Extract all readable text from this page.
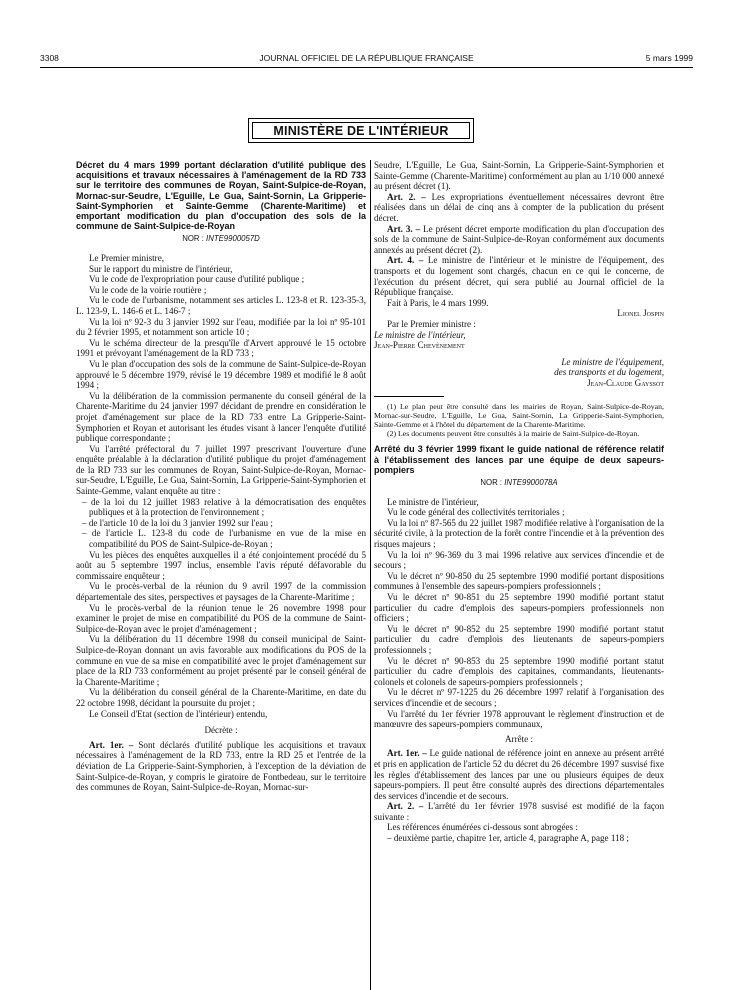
3308	JOURNAL OFFICIEL DE LA RÉPUBLIQUE FRANÇAISE	5 mars 1999
MINISTÈRE DE L'INTÉRIEUR

Décret du 4 mars 1999 portant déclaration d'utilité publique des acquisitions et travaux nécessaires à l'aménagement de la RD 733 sur le territoire des communes de Royan, Saint-Sulpice-de-Royan, Mornac-sur-Seudre, L'Eguille, Le Gua, Saint-Sornin, La Gripperie-Saint-Symphorien et Sainte-Gemme (Charente-Maritime) et emportant modification du plan d'occupation des sols de la commune de Saint-Sulpice-de-Royan

NOR : INTE9900057D

Le Premier ministre,

Sur le rapport du ministre de l'intérieur,

Vu le code de l'expropriation pour cause d'utilité publique ;

Vu le code de la voirie routière ;

Vu le code de l'urbanisme, notamment ses articles L. 123-8 et R. 123-35-3, L. 123-9, L. 146-6 et L. 146-7 ;

Vu la loi nº 92-3 du 3 janvier 1992 sur l'eau, modifiée par la loi nº 95-101 du 2 février 1995, et notamment son article 10 ;

Vu le schéma directeur de la presqu'île d'Arvert approuvé le 15 octobre 1991 et prévoyant l'aménagement de la RD 733 ;

Vu le plan d'occupation des sols de la commune de Saint-Sulpice-de-Royan approuvé le 5 décembre 1979, révisé le 19 décembre 1989 et modifié le 8 août 1994 ;

Vu la délibération de la commission permanente du conseil général de la Charente-Maritime du 24 janvier 1997 décidant de prendre en considération le projet d'aménagement sur place de la RD 733 entre La Gripperie-Saint-Symphorien et Royan et autorisant les études visant à lancer l'enquête d'utilité publique correspondante ;

Vu l'arrêté préfectoral du 7 juillet 1997 prescrivant l'ouverture d'une enquête préalable à la déclaration d'utilité publique du projet d'aménagement de la RD 733 sur les communes de Royan, Saint-Sulpice-de-Royan, Mornac-sur-Seudre, L'Eguille, Le Gua, Saint-Sornin, La Gripperie-Saint-Symphorien et Sainte-Gemme, valant enquête au titre :

– de la loi du 12 juillet 1983 relative à la démocratisation des enquêtes publiques et à la protection de l'environnement ;

– de l'article 10 de la loi du 3 janvier 1992 sur l'eau ;

– de l'article L. 123-8 du code de l'urbanisme en vue de la mise en compatibilité du POS de Saint-Sulpice-de-Royan ;

Vu les pièces des enquêtes auxquelles il a été conjointement procédé du 5 août au 5 septembre 1997 inclus, ensemble l'avis réputé défavorable du commissaire enquêteur ;

Vu le procès-verbal de la réunion du 9 avril 1997 de la commission départementale des sites, perspectives et paysages de la Charente-Maritime ;

Vu le procès-verbal de la réunion tenue le 26 novembre 1998 pour examiner le projet de mise en compatibilité du POS de la commune de Saint-Sulpice-de-Royan avec le projet d'aménagement ;

Vu la délibération du 11 décembre 1998 du conseil municipal de Saint-Sulpice-de-Royan donnant un avis favorable aux modifications du POS de la commune en vue de sa mise en compatibilité avec le projet d'aménagement sur place de la RD 733 conformément au projet présenté par le conseil général de la Charente-Maritime ;

Vu la délibération du conseil général de la Charente-Maritime, en date du 22 octobre 1998, décidant la poursuite du projet ;

Le Conseil d'Etat (section de l'intérieur) entendu,

Décrète :

Art. 1er. – Sont déclarés d'utilité publique les acquisitions et travaux nécessaires à l'aménagement de la RD 733, entre la RD 25 et l'entrée de la déviation de La Gripperie-Saint-Symphorien, à l'exception de la déviation de Saint-Sulpice-de-Royan, y compris le giratoire de Fontbedeau, sur le territoire des communes de Royan, Saint-Sulpice-de-Royan, Mornac-sur-

Seudre, L'Eguille, Le Gua, Saint-Sornin, La Gripperie-Saint-Symphorien et Sainte-Gemme (Charente-Maritime) conformément au plan au 1/10 000 annexé au présent décret (1).

Art. 2. – Les expropriations éventuellement nécessaires devront être réalisées dans un délai de cinq ans à compter de la publication du présent décret.

Art. 3. – Le présent décret emporte modification du plan d'occupation des sols de la commune de Saint-Sulpice-de-Royan conformément aux documents annexés au présent décret (2).

Art. 4. – Le ministre de l'intérieur et le ministre de l'équipement, des transports et du logement sont chargés, chacun en ce qui le concerne, de l'exécution du présent décret, qui sera publié au Journal officiel de la République française.

Fait à Paris, le 4 mars 1999.

Lionel Jospin

Par le Premier ministre :

Le ministre de l'intérieur,

Jean-Pierre Chevènement

Le ministre de l'équipement,

des transports et du logement,

Jean-Claude Gayssot

(1) Le plan peut être consulté dans les mairies de Royan, Saint-Sulpice-de-Royan, Mornac-sur-Seudre, L'Eguille, Le Gua, Saint-Sornin, La Gripperie-Saint-Symphorien, Sainte-Gemme et à l'hôtel du département de la Charente-Maritime.

(2) Les documents peuvent être consultés à la mairie de Saint-Sulpice-de-Royan.

Arrêté du 3 février 1999 fixant le guide national de référence relatif à l'établissement des lances par une équipe de deux sapeurs-pompiers

NOR : INTE9900078A

Le ministre de l'intérieur,

Vu le code général des collectivités territoriales ;

Vu la loi nº 87-565 du 22 juillet 1987 modifiée relative à l'organisation de la sécurité civile, à la protection de la forêt contre l'incendie et à la prévention des risques majeurs ;

Vu la loi nº 96-369 du 3 mai 1996 relative aux services d'incendie et de secours ;

Vu le décret nº 90-850 du 25 septembre 1990 modifié portant dispositions communes à l'ensemble des sapeurs-pompiers professionnels ;

Vu le décret nº 90-851 du 25 septembre 1990 modifié portant statut particulier du cadre d'emplois des sapeurs-pompiers professionnels non officiers ;

Vu le décret nº 90-852 du 25 septembre 1990 modifié portant statut particulier du cadre d'emplois des lieutenants de sapeurs-pompiers professionnels ;

Vu le décret nº 90-853 du 25 septembre 1990 modifié portant statut particulier du cadre d'emplois des capitaines, commandants, lieutenants-colonels et colonels de sapeurs-pompiers professionnels ;

Vu le décret nº 97-1225 du 26 décembre 1997 relatif à l'organisation des services d'incendie et de secours ;

Vu l'arrêté du 1er février 1978 approuvant le règlement d'instruction et de manœuvre des sapeurs-pompiers communaux,

Arrête :

Art. 1er. – Le guide national de référence joint en annexe au présent arrêté et pris en application de l'article 52 du décret du 26 décembre 1997 susvisé fixe les règles d'établissement des lances par une ou plusieurs équipes de deux sapeurs-pompiers. Il peut être consulté auprès des directions départementales des services d'incendie et de secours.

Art. 2. – L'arrêté du 1er février 1978 susvisé est modifié de la façon suivante :

Les références énumérées ci-dessous sont abrogées :

– deuxième partie, chapitre 1er, article 4, paragraphe A, page 118 ;
